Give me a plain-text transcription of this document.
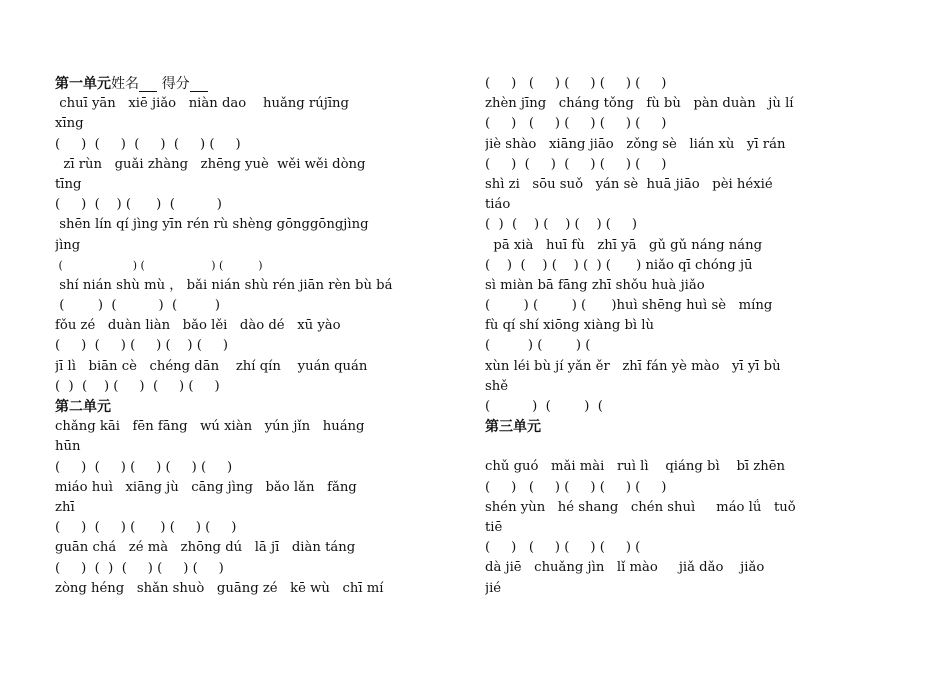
第一单元姓名 得分
chuī yān   xiē jiǎo   niàn dao    huǎng rújīng
xīng
(     )  (     )  (     )  (     ) (     )
zī rùn   guǎi zhàng   zhēng yuè  wěi wěi dòng
tīng
(     )  (    ) (      )  (          )
shēn lín qí jìng yīn rén rù shèng gōnggōngjìng
jìng
(                    ) (                   ) (          )
shí nián shù mù ， bǎi nián shù rén jiān rèn bù bá
(        )  (          )  (         )
fǒu zé   duàn liàn   bǎo lěi   dào dé   xū yào
(     )  (     ) (     ) (    ) (     )
jī lì   biān cè   chéng dān    zhí qín    yuán quán
(  )  (    ) (     )  (     ) (     )
第二单元
chǎng kāi   fēn fāng   wú xiàn   yún jǐn   huáng
hūn
(     )  (     ) (     ) (     ) (     )
miáo huì   xiāng jù   cāng jìng   bǎo lǎn   fǎng
zhī
(     )  (     ) (      ) (     ) (     )
guān chá   zé mà   zhōng dú   lā jī   diàn táng
(     )  (  )  (     ) (     ) (     )
zòng héng   shǎn shuò   guāng zé   kē wù   chī mí
(     )   (     ) (     ) (     ) (     )
zhèn jīng   cháng tǒng   fù bù   pàn duàn   jù lí
(     )   (     ) (     ) (     ) (     )
jiè shào   xiāng jiāo   zǒng sè   lián xù   yī rán
(     )  (     )  (     ) (     ) (     )
shì zi   sōu suǒ   yán sè  huā jiāo   pèi héxié
tiáo
(  )  (    ) (    ) (    ) (     )
pā xià   huī fù   zhī yā   gǔ gǔ náng náng
(    )  (    ) (    ) (  ) (      ) niǎo qī chóng jū
sì miàn bā fāng zhī shǒu huà jiǎo
(        ) (        ) (      )huì shēng huì sè   míng
fù qí shí xiōng xiàng bì lù
(         ) (        ) (
xùn léi bù jí yǎn ěr   zhī fán yè mào   yī yī bù
shě
(          )  (        )  (
第三单元
chǔ guó   mǎi mài   ruì lì    qiáng bì    bī zhēn
(     )   (     ) (     ) (     ) (     )
shén yùn   hé shang   chén shuì     máo lǘ   tuǒ
tiē
(     )   (     ) (     ) (     ) (
dà jiē   chuǎng jìn   lǐ mào     jiǎ dǎo    jiǎo
jié
